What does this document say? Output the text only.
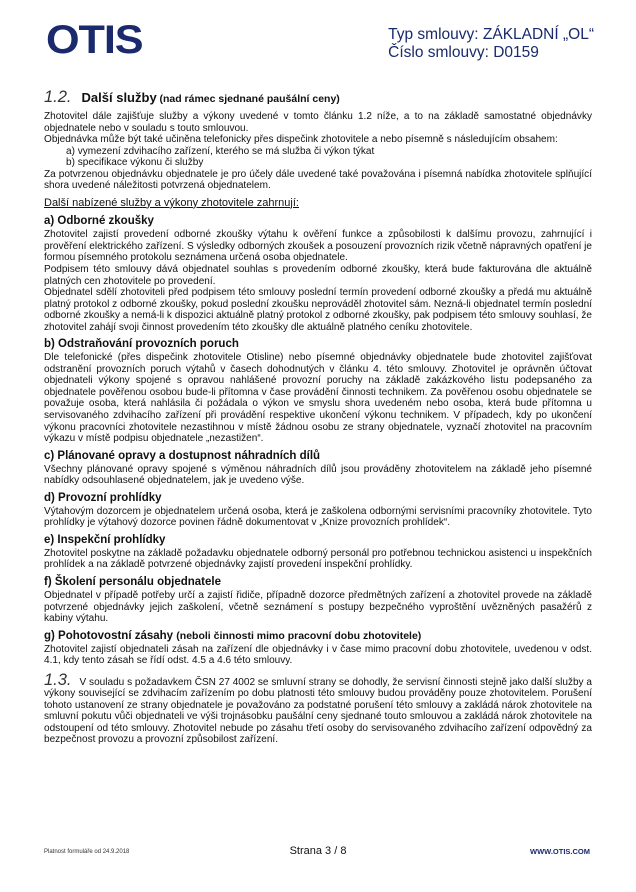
OTIS	Typ smlouvy: ZÁKLADNÍ „OL“
Číslo smlouvy: D0159
1.2. Další služby (nad rámec sjednané paušální ceny)

Zhotovitel dále zajišťuje služby a výkony uvedené v tomto článku 1.2 níže, a to na základě samostatné objednávky objednatele nebo v souladu s touto smlouvou.

Objednávka může být také učiněna telefonicky přes dispečink zhotovitele a nebo písemně s následujícím obsahem:

a) vymezení zdvihacího zařízení, kterého se má služba či výkon týkat

b) specifikace výkonu či služby

Za potvrzenou objednávku objednatele je pro účely dále uvedené také považována i písemná nabídka zhotovitele splňující shora uvedené náležitosti potvrzená objednatelem.

Další nabízené služby a výkony zhotovitele zahrnují:
a) Odborné zkoušky

Zhotovitel zajistí provedení odborné zkoušky výtahu k ověření funkce a způsobilosti k dalšímu provozu, zahrnující i prověření elektrického zařízení. S výsledky odborných zkoušek a posouzení provozních rizik včetně nápravných opatření je formou písemného protokolu seznámena určená osoba objednatele.

Podpisem této smlouvy dává objednatel souhlas s provedením odborné zkoušky, která bude fakturována dle aktuálně platných cen zhotovitele po provedení.

Objednatel sdělí zhotoviteli před podpisem této smlouvy poslední termín provedení odborné zkoušky a předá mu aktuálně platný protokol z odborné zkoušky, pokud poslední zkoušku neprováděl zhotovitel sám. Nezná-li objednatel termín poslední odborné zkoušky a nemá-li k dispozici aktuálně platný protokol z odborné zkoušky, pak podpisem této smlouvy souhlasí, že zhotovitel zahájí svoji činnost provedením této zkoušky dle aktuálně platného ceníku zhotovitele.

b) Odstraňování provozních poruch

Dle telefonické (přes dispečink zhotovitele Otisline) nebo písemné objednávky objednatele bude zhotovitel zajišťovat odstranění provozních poruch výtahů v časech dohodnutých v článku 4. této smlouvy. Zhotovitel je oprávněn účtovat objednateli výkony spojené s opravou nahlášené provozní poruchy na základě zakázkového listu podepsaného za objednatele pověřenou osobou bude-li přítomna v čase provádění činnosti technikem. Za pověřenou osobu objednatele se považuje osoba, která nahlásila či požádala o výkon ve smyslu shora uvedeném nebo osoba, která bude přítomna u servisovaného zdvihacího zařízení při provádění respektive ukončení výkonu technikem. V případech, kdy po ukončení výkonu pracovníci zhotovitele nezastihnou v místě žádnou osobu ze strany objednatele, vyznačí zhotovitel na pracovním výkazu v místě podpisu objednatele „nezastižen“.

c) Plánované opravy a dostupnost náhradních dílů

Všechny plánované opravy spojené s výměnou náhradních dílů jsou prováděny zhotovitelem na základě jeho písemné nabídky odsouhlasené objednatelem, jak je uvedeno výše.

d) Provozní prohlídky

Výtahovým dozorcem je objednatelem určená osoba, která je zaškolena odbornými servisními pracovníky zhotovitele. Tyto prohlídky je výtahový dozorce povinen řádně dokumentovat v „Knize provozních prohlídek“.

e) Inspekční prohlídky

Zhotovitel poskytne na základě požadavku objednatele odborný personál pro potřebnou technickou asistenci u inspekčních prohlídek a na základě potvrzené objednávky zajistí provedení inspekční prohlídky.

f) Školení personálu objednatele

Objednatel v případě potřeby určí a zajistí řidiče, případně dozorce předmětných zařízení a zhotovitel provede na základě potvrzené objednávky jejich zaškolení, včetně seznámení s postupy bezpečného vyproštění uvězněných pasažérů z kabiny výtahu.

g) Pohotovostní zásahy (neboli činnosti mimo pracovní dobu zhotovitele)

Zhotovitel zajistí objednateli zásah na zařízení dle objednávky i v čase mimo pracovní dobu zhotovitele, uvedenou v odst. 4.1, kdy tento zásah se řídí odst. 4.5 a 4.6 této smlouvy.

1.3. V souladu s požadavkem ČSN 27 4002 se smluvní strany se dohodly, že servisní činnosti stejně jako další služby a výkony související se zdvihacím zařízením po dobu platnosti této smlouvy budou prováděny pouze zhotovitelem. Porušení tohoto ustanovení ze strany objednatele je považováno za podstatné porušení této smlouvy a zakládá nárok zhotovitele na smluvní pokutu vůči objednateli ve výši trojnásobku paušální ceny sjednané touto smlouvou a zakládá nárok zhotovitele na odstoupení od této smlouvy. Zhotovitel nebude po zásahu třetí osoby do servisovaného zdvihacího zařízení odpovědný za bezpečnost provozu a provozní způsobilost zařízení.

Platnost formuláře od 24.9.2018	Strana 3 / 8	WWW.OTIS.COM
